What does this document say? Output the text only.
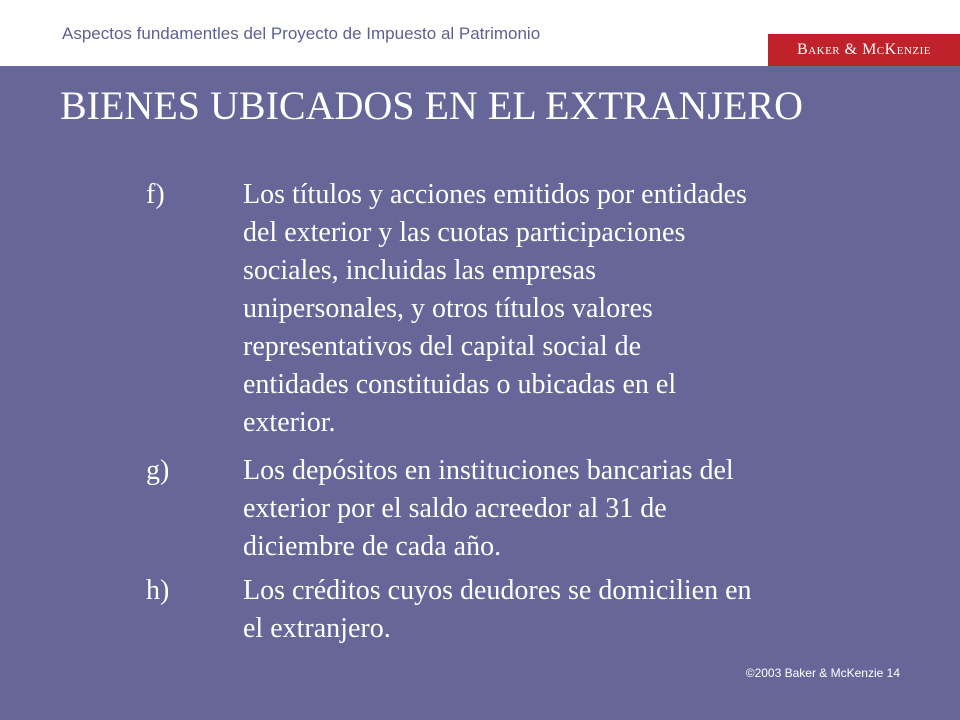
Aspectos fundamentles del Proyecto de Impuesto al Patrimonio
Baker & McKenzie
BIENES UBICADOS EN EL EXTRANJERO
f)	Los títulos y acciones emitidos por entidades
del exterior y las cuotas participaciones
sociales, incluidas las empresas
unipersonales, y otros títulos valores
representativos del capital social de
entidades constituidas o ubicadas en el
exterior.
g)	Los depósitos en instituciones bancarias del
exterior por el saldo acreedor al 31 de
diciembre de cada año.
h)	Los créditos cuyos deudores se domicilien en
el extranjero.
©2003 Baker & McKenzie 14
